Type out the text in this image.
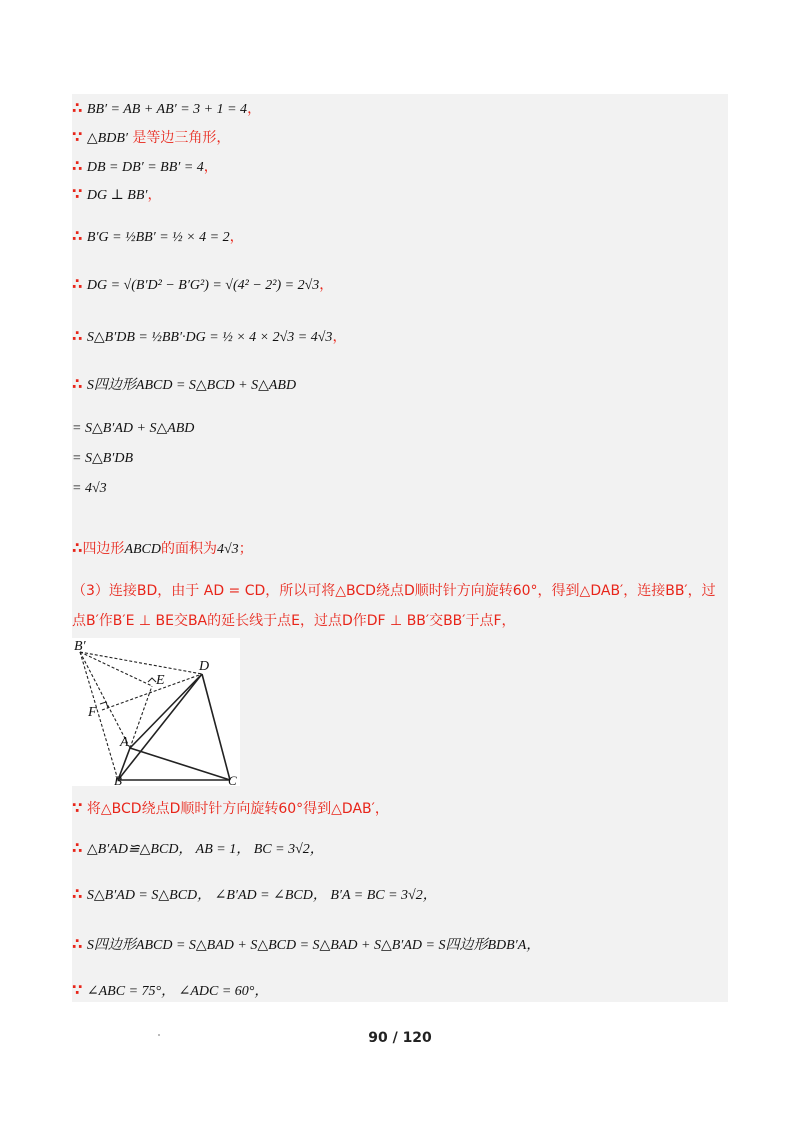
∴ BB′ = AB + AB′ = 3 + 1 = 4，
∵ △BDB′ 是等边三角形，
∴ DB = DB′ = BB′ = 4，
∵ DG ⊥ BB′，
∴ B′G = ½BB′ = ½ × 4 = 2，
∴ DG = √(B′D² − B′G²) = √(4² − 2²) = 2√3，
∴ S△B′DB = ½BB′·DG = ½ × 4 × 2√3 = 4√3，
∴ S四边形ABCD = S△BCD + S△ABD
= S△B′AD + S△ABD
= S△B′DB
= 4√3
∴四边形ABCD的面积为4√3；
（3）连接BD，由于 AD = CD，所以可将△BCD绕点D顺时针方向旋转60°，得到△DAB′，连接BB′，过
点B′作B′E ⊥ BE交BA的延长线于点E，过点D作DF ⊥ BB′交BB′于点F，
B′
D
E
F
A
B	C
∵ 将△BCD绕点D顺时针方向旋转60°得到△DAB′，
∴ △B′AD≌△BCD， AB = 1， BC = 3√2，
∴ S△B′AD = S△BCD， ∠B′AD = ∠BCD， B′A = BC = 3√2，
∴ S四边形ABCD = S△BAD + S△BCD = S△BAD + S△B′AD = S四边形BDB′A，
∵ ∠ABC = 75°， ∠ADC = 60°，
90 / 120
